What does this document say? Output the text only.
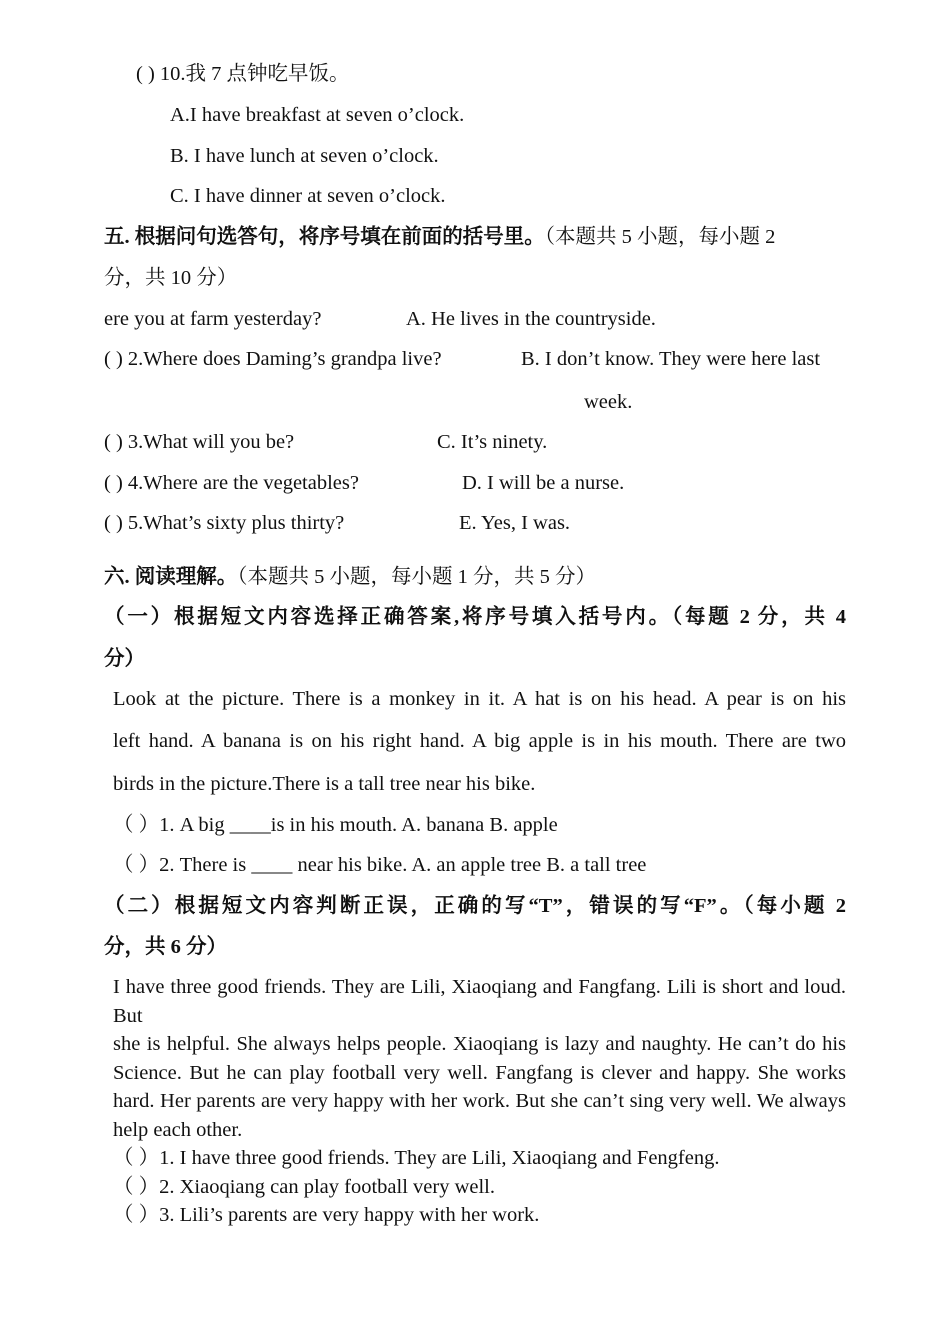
( ) 10.我 7 点钟吃早饭。
A.I have breakfast at seven o’clock.
B. I have lunch at seven o’clock.
C. I have dinner at seven o’clock.
五. 根据问句选答句，将序号填在前面的括号里。（本题共 5 小题，每小题 2
分，共 10 分）
ere you at farm yesterday?	A. He lives in the countryside.
( ) 2.Where does Daming’s grandpa live?	B. I don’t know. They were here last
week.
( ) 3.What will you be?	C. It’s ninety.
( ) 4.Where are the vegetables?	D. I will be a nurse.
( ) 5.What’s sixty plus thirty?	E. Yes, I was.
六. 阅读理解。（本题共 5 小题，每小题 1 分，共 5 分）
（一）根据短文内容选择正确答案,将序号填入括号内。（每题 2 分，共 4
分）
Look at the picture. There is a monkey in it. A hat is on his head. A pear is on his
left hand. A banana is on his right hand. A big apple is in his mouth. There are two
birds in the picture.There is a tall tree near his bike.
（ ）1. A big ____is in his mouth. A. banana B. apple
（ ）2. There is ____ near his bike. A. an apple tree B. a tall tree
（二）根据短文内容判断正误，正确的写“T”，错误的写“F”。（每小题 2
分，共 6 分）
I have three good friends. They are Lili, Xiaoqiang and Fangfang. Lili is short and loud. But
she is helpful. She always helps people. Xiaoqiang is lazy and naughty. He can’t do his Science. But he can play football very well. Fangfang is clever and happy. She works hard. Her parents are very happy with her work. But she can’t sing very well. We always help each other.
（ ）1. I have three good friends. They are Lili, Xiaoqiang and Fengfeng.
（ ）2. Xiaoqiang can play football very well.
（ ）3. Lili’s parents are very happy with her work.
